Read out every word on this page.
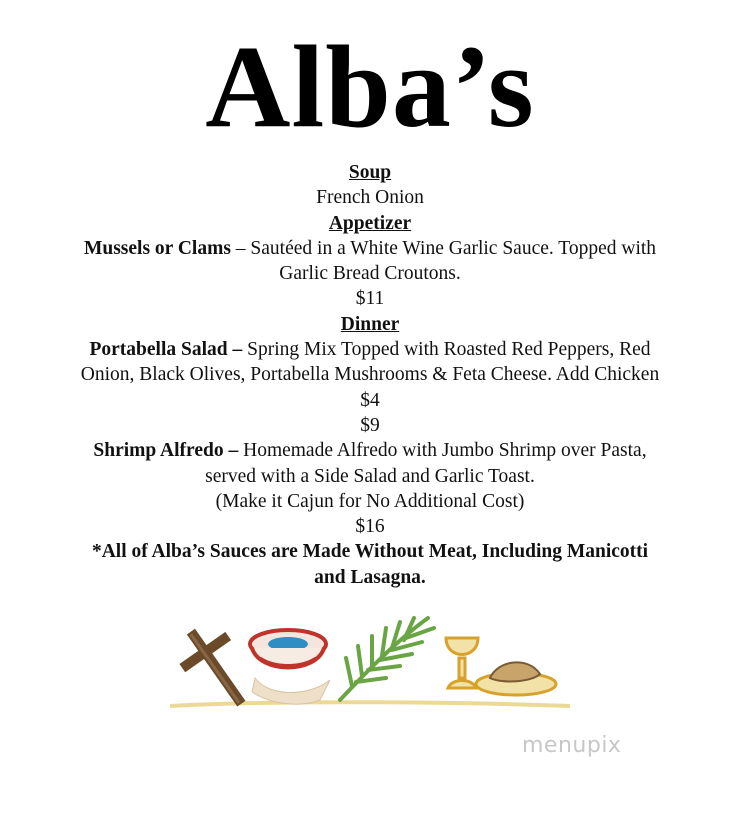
Alba’s

Soup

French Onion

Appetizer

Mussels or Clams – Sautéed in a White Wine Garlic Sauce. Topped with

Garlic Bread Croutons.

$11

Dinner

Portabella Salad – Spring Mix Topped with Roasted Red Peppers, Red

Onion, Black Olives, Portabella Mushrooms & Feta Cheese. Add Chicken

$4

$9

Shrimp Alfredo – Homemade Alfredo with Jumbo Shrimp over Pasta,

served with a Side Salad and Garlic Toast.

(Make it Cajun for No Additional Cost)

$16

*All of Alba’s Sauces are Made Without Meat, Including Manicotti

and Lasagna.

menupix
